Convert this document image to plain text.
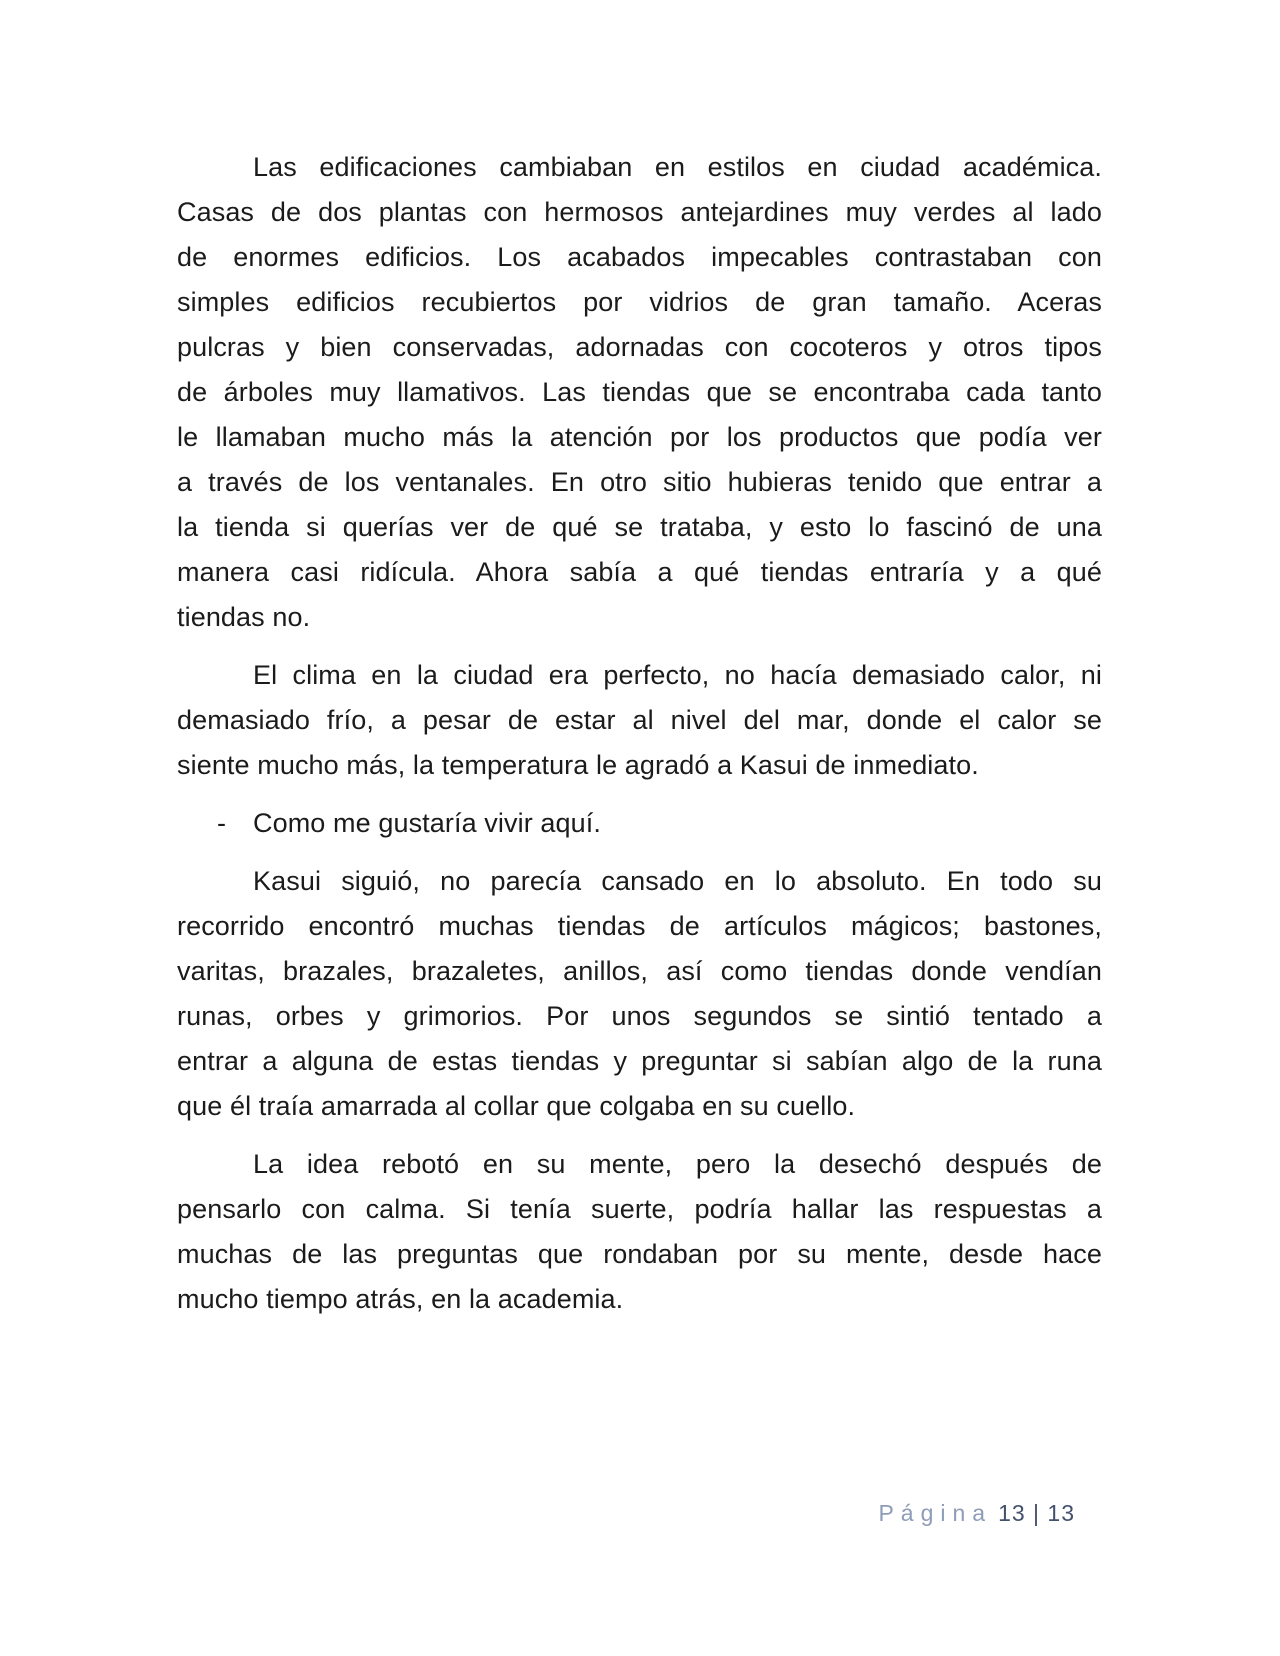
Las edificaciones cambiaban en estilos en ciudad académica.
Casas de dos plantas con hermosos antejardines muy verdes al lado
de enormes edificios. Los acabados impecables contrastaban con
simples edificios recubiertos por vidrios de gran tamaño. Aceras
pulcras y bien conservadas, adornadas con cocoteros y otros tipos
de árboles muy llamativos. Las tiendas que se encontraba cada tanto
le llamaban mucho más la atención por los productos que podía ver
a través de los ventanales. En otro sitio hubieras tenido que entrar a
la tienda si querías ver de qué se trataba, y esto lo fascinó de una
manera casi ridícula. Ahora sabía a qué tiendas entraría y a qué
tiendas no.
El clima en la ciudad era perfecto, no hacía demasiado calor, ni
demasiado frío, a pesar de estar al nivel del mar, donde el calor se
siente mucho más, la temperatura le agradó a Kasui de inmediato.
- Como me gustaría vivir aquí.
Kasui siguió, no parecía cansado en lo absoluto. En todo su
recorrido encontró muchas tiendas de artículos mágicos; bastones,
varitas, brazales, brazaletes, anillos, así como tiendas donde vendían
runas, orbes y grimorios. Por unos segundos se sintió tentado a
entrar a alguna de estas tiendas y preguntar si sabían algo de la runa
que él traía amarrada al collar que colgaba en su cuello.
La idea rebotó en su mente, pero la desechó después de
pensarlo con calma. Si tenía suerte, podría hallar las respuestas a
muchas de las preguntas que rondaban por su mente, desde hace
mucho tiempo atrás, en la academia.
Página 13 | 13
